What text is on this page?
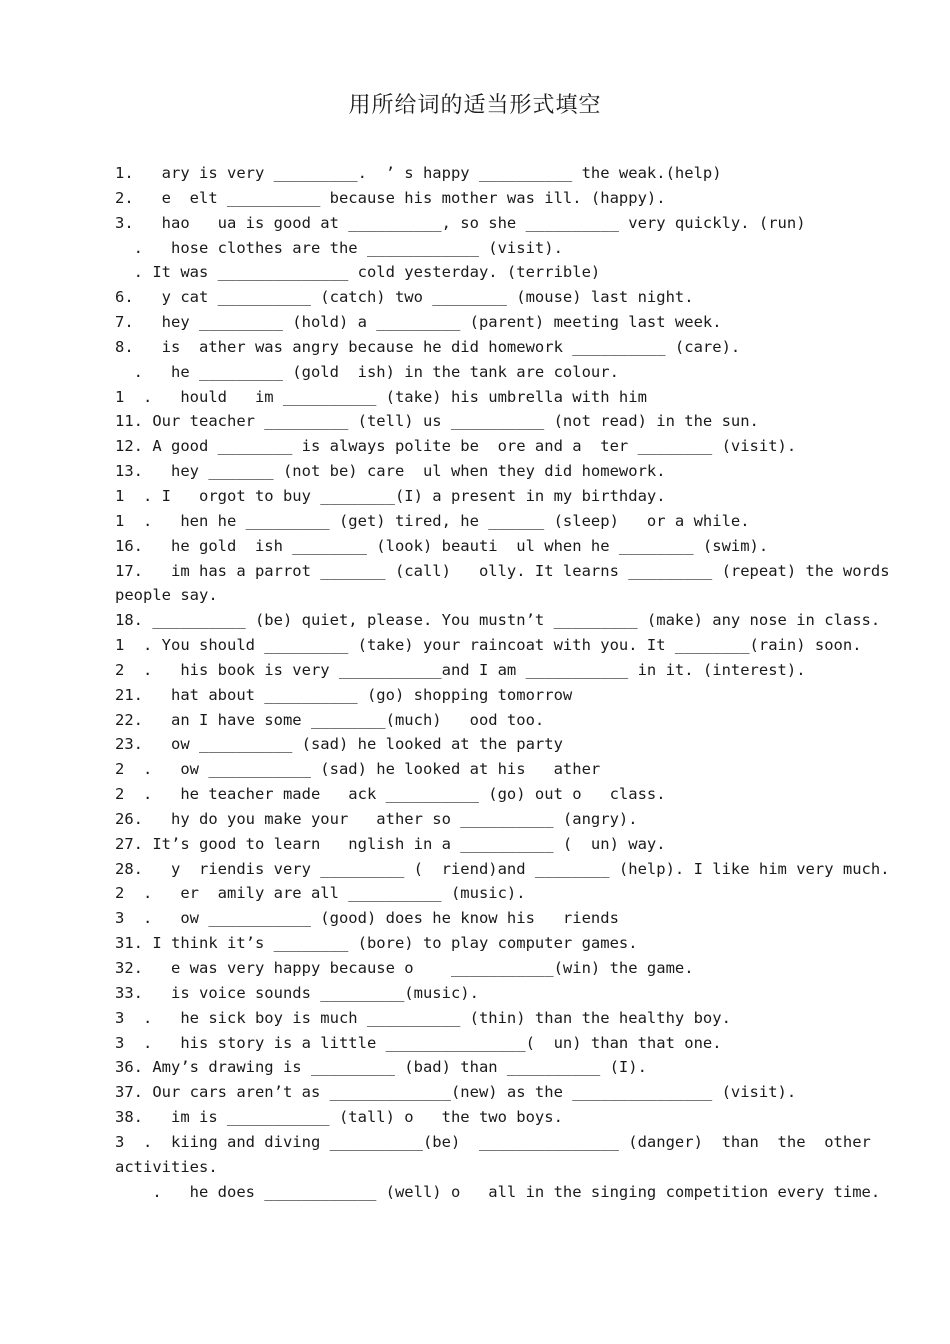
用所给词的适当形式填空
1.   ary is very _________.  ’ s happy __________ the weak.(help)
2.   e  elt __________ because his mother was ill. (happy).
3.   hao   ua is good at __________, so she __________ very quickly. (run)
.   hose clothes are the ____________ (visit).
. It was ______________ cold yesterday. (terrible)
6.   y cat __________ (catch) two ________ (mouse) last night.
7.   hey _________ (hold) a _________ (parent) meeting last week.
8.   is  ather was angry because he did homework __________ (care).
.   he _________ (gold  ish) in the tank are colour.
1  .   hould   im __________ (take) his umbrella with him
11. Our teacher _________ (tell) us __________ (not read) in the sun.
12. A good ________ is always polite be  ore and a  ter ________ (visit).
13.   hey _______ (not be) care  ul when they did homework.
1  . I   orgot to buy ________(I) a present in my birthday.
1  .   hen he _________ (get) tired, he ______ (sleep)   or a while.
16.   he gold  ish ________ (look) beauti  ul when he ________ (swim).
17.   im has a parrot _______ (call)   olly. It learns _________ (repeat) the words
people say.
18. __________ (be) quiet, please. You mustn’t _________ (make) any nose in class.
1  . You should _________ (take) your raincoat with you. It ________(rain) soon.
2  .   his book is very ___________and I am ___________ in it. (interest).
21.   hat about __________ (go) shopping tomorrow
22.   an I have some ________(much)   ood too.
23.   ow __________ (sad) he looked at the party
2  .   ow ___________ (sad) he looked at his   ather
2  .   he teacher made   ack __________ (go) out o   class.
26.   hy do you make your   ather so __________ (angry).
27. It’s good to learn   nglish in a __________ (  un) way.
28.   y  riendis very _________ (  riend)and ________ (help). I like him very much.
2  .   er  amily are all __________ (music).
3  .   ow ___________ (good) does he know his   riends
31. I think it’s ________ (bore) to play computer games.
32.   e was very happy because o    ___________(win) the game.
33.   is voice sounds _________(music).
3  .   he sick boy is much __________ (thin) than the healthy boy.
3  .   his story is a little _______________(  un) than that one.
36. Amy’s drawing is _________ (bad) than __________ (I).
37. Our cars aren’t as _____________(new) as the _______________ (visit).
38.   im is ___________ (tall) o   the two boys.
3  .  kiing and diving __________(be)  _______________ (danger)  than  the  other
activities.
.   he does ____________ (well) o   all in the singing competition every time.
